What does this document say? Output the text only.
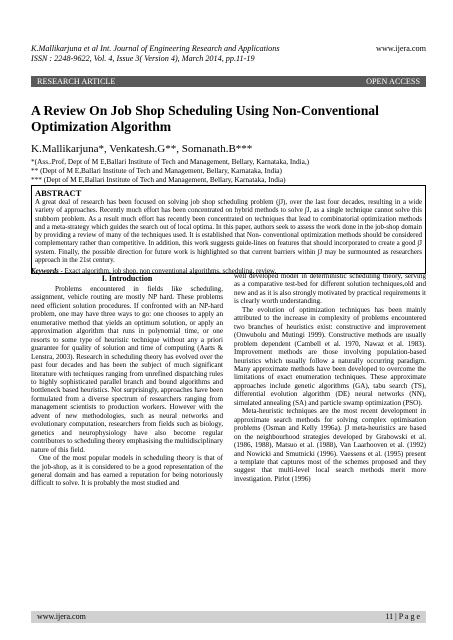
K.Mallikarjuna et al Int. Journal of Engineering Research and Applications	www.ijera.com
ISSN : 2248-9622, Vol. 4, Issue 3( Version 4), March 2014, pp.11-19
RESEARCH ARTICLE	OPEN ACCESS
A Review On Job Shop Scheduling Using Non-Conventional Optimization Algorithm
K.Mallikarjuna*, Venkatesh.G**, Somanath.B***
*(Ass..Prof, Dept of M E,Ballari Institute of Tech and Management, Bellary, Karnataka, India,)
** (Dept of M E,Ballari Institute of Tech and Management, Bellary, Karnataka, India)
*** (Dept of M E,Ballari Institute of Tech and Management, Bellary, Karnataka, India)
ABSTRACT
A great deal of research has been focused on solving job shop scheduling problem (∫J), over the last four decades, resulting in a wide variety of approaches. Recently much effort has been concentrated on hybrid methods to solve ∫J, as a single technique cannot solve this stubborn problem. As a result much effort has recently been concentrated on techniques that lead to combinatorial optimization methods and a meta-strategy which guides the search out of local optima. In this paper, authors seek to assess the work done in the job-shop domain by providing a review of many of the techniques used. It is established that Non- conventional optimization methods should be considered complementary rather than competitive. In addition, this work suggests guide-lines on features that should incorporated to create a good ∫J system. Finally, the possible direction for future work is highlighted so that current barriers within ∫J may be surmounted as researchers approach in the 21st century.
Keywords - Exact algorithm, job shop, non conventional algorithms, scheduling, review.
I. Introduction
Problems encountered in fields like scheduling, assignment, vehicle routing are mostly NP hard. These problems need efficient solution procedures. If confronted with an NP-hard problem, one may have three ways to go: one chooses to apply an enumerative method that yields an optimum solution, or apply an approximation algorithm that runs in polynomial time, or one resorts to some type of heuristic technique without any a priori guarantee for quality of solution and time of computing (Aarts & Lenstra, 2003). Research in scheduling theory has evolved over the past four decades and has been the subject of much significant literature with techniques ranging from unrefined dispatching rules to highly sophisticated parallel branch and bound algorithms and bottleneck based heuristics. Not surprisingly, approaches have been formulated from a diverse spectrum of researchers ranging from management scientists to production workers. However with the advent of new methodologies, such as neural networks and evolutionary computation, researchers from fields such as biology, genetics and neurophysiology have also become regular contributors to scheduling theory emphasising the multidisciplinary nature of this field.
One of the most popular models in scheduling theory is that of the job-shop, as it is considered to be a good representation of the general domain and has earned a reputation for being notoriously difficult to solve. It is probably the most studied and
well developed model in deterministic scheduling theory, serving as a comparative test-bed for different solution techniques,old and new and as it is also strongly motivated by practical requirements it is clearly worth understanding.
The evolution of optimization techniques has been mainly attributed to the increase in complexity of problems encountered two branches of heuristics exist: constructive and improvement (Onwubolu and Mutingi 1999). Constructive methods are usually problem dependent (Cambell et al. 1970, Nawaz et al. 1983). Improvement methods are those involving population-based heuristics which usually follow a naturally occurring paradigm. Many approximate methods have been developed to overcome the limitations of exact enumeration techniques. These approximate approaches include genetic algorithms (GA), tabu search (TS), differential evolution algorithm (DE) neural networks (NN), simulated annealing (SA) and particle swamp optimization (PSO).
Meta-heuristic techniques are the most recent development in approximate search methods for solving complex optimisation problems (Osman and Kelly 1996a). ∫J meta-heuristics are based on the neighbourhood strategies developed by Grabowski et al. (1986, 1988), Matsuo et al. (1988), Van Laarhooven et al. (1992) and Nowicki and Smutnicki (1996). Vaessens et al. (1995) present a template that captures most of the schemes proposed and they suggest that multi-level local search methods merit more investigation. Pirlot (1996)
www.ijera.com	11 | P a g e
